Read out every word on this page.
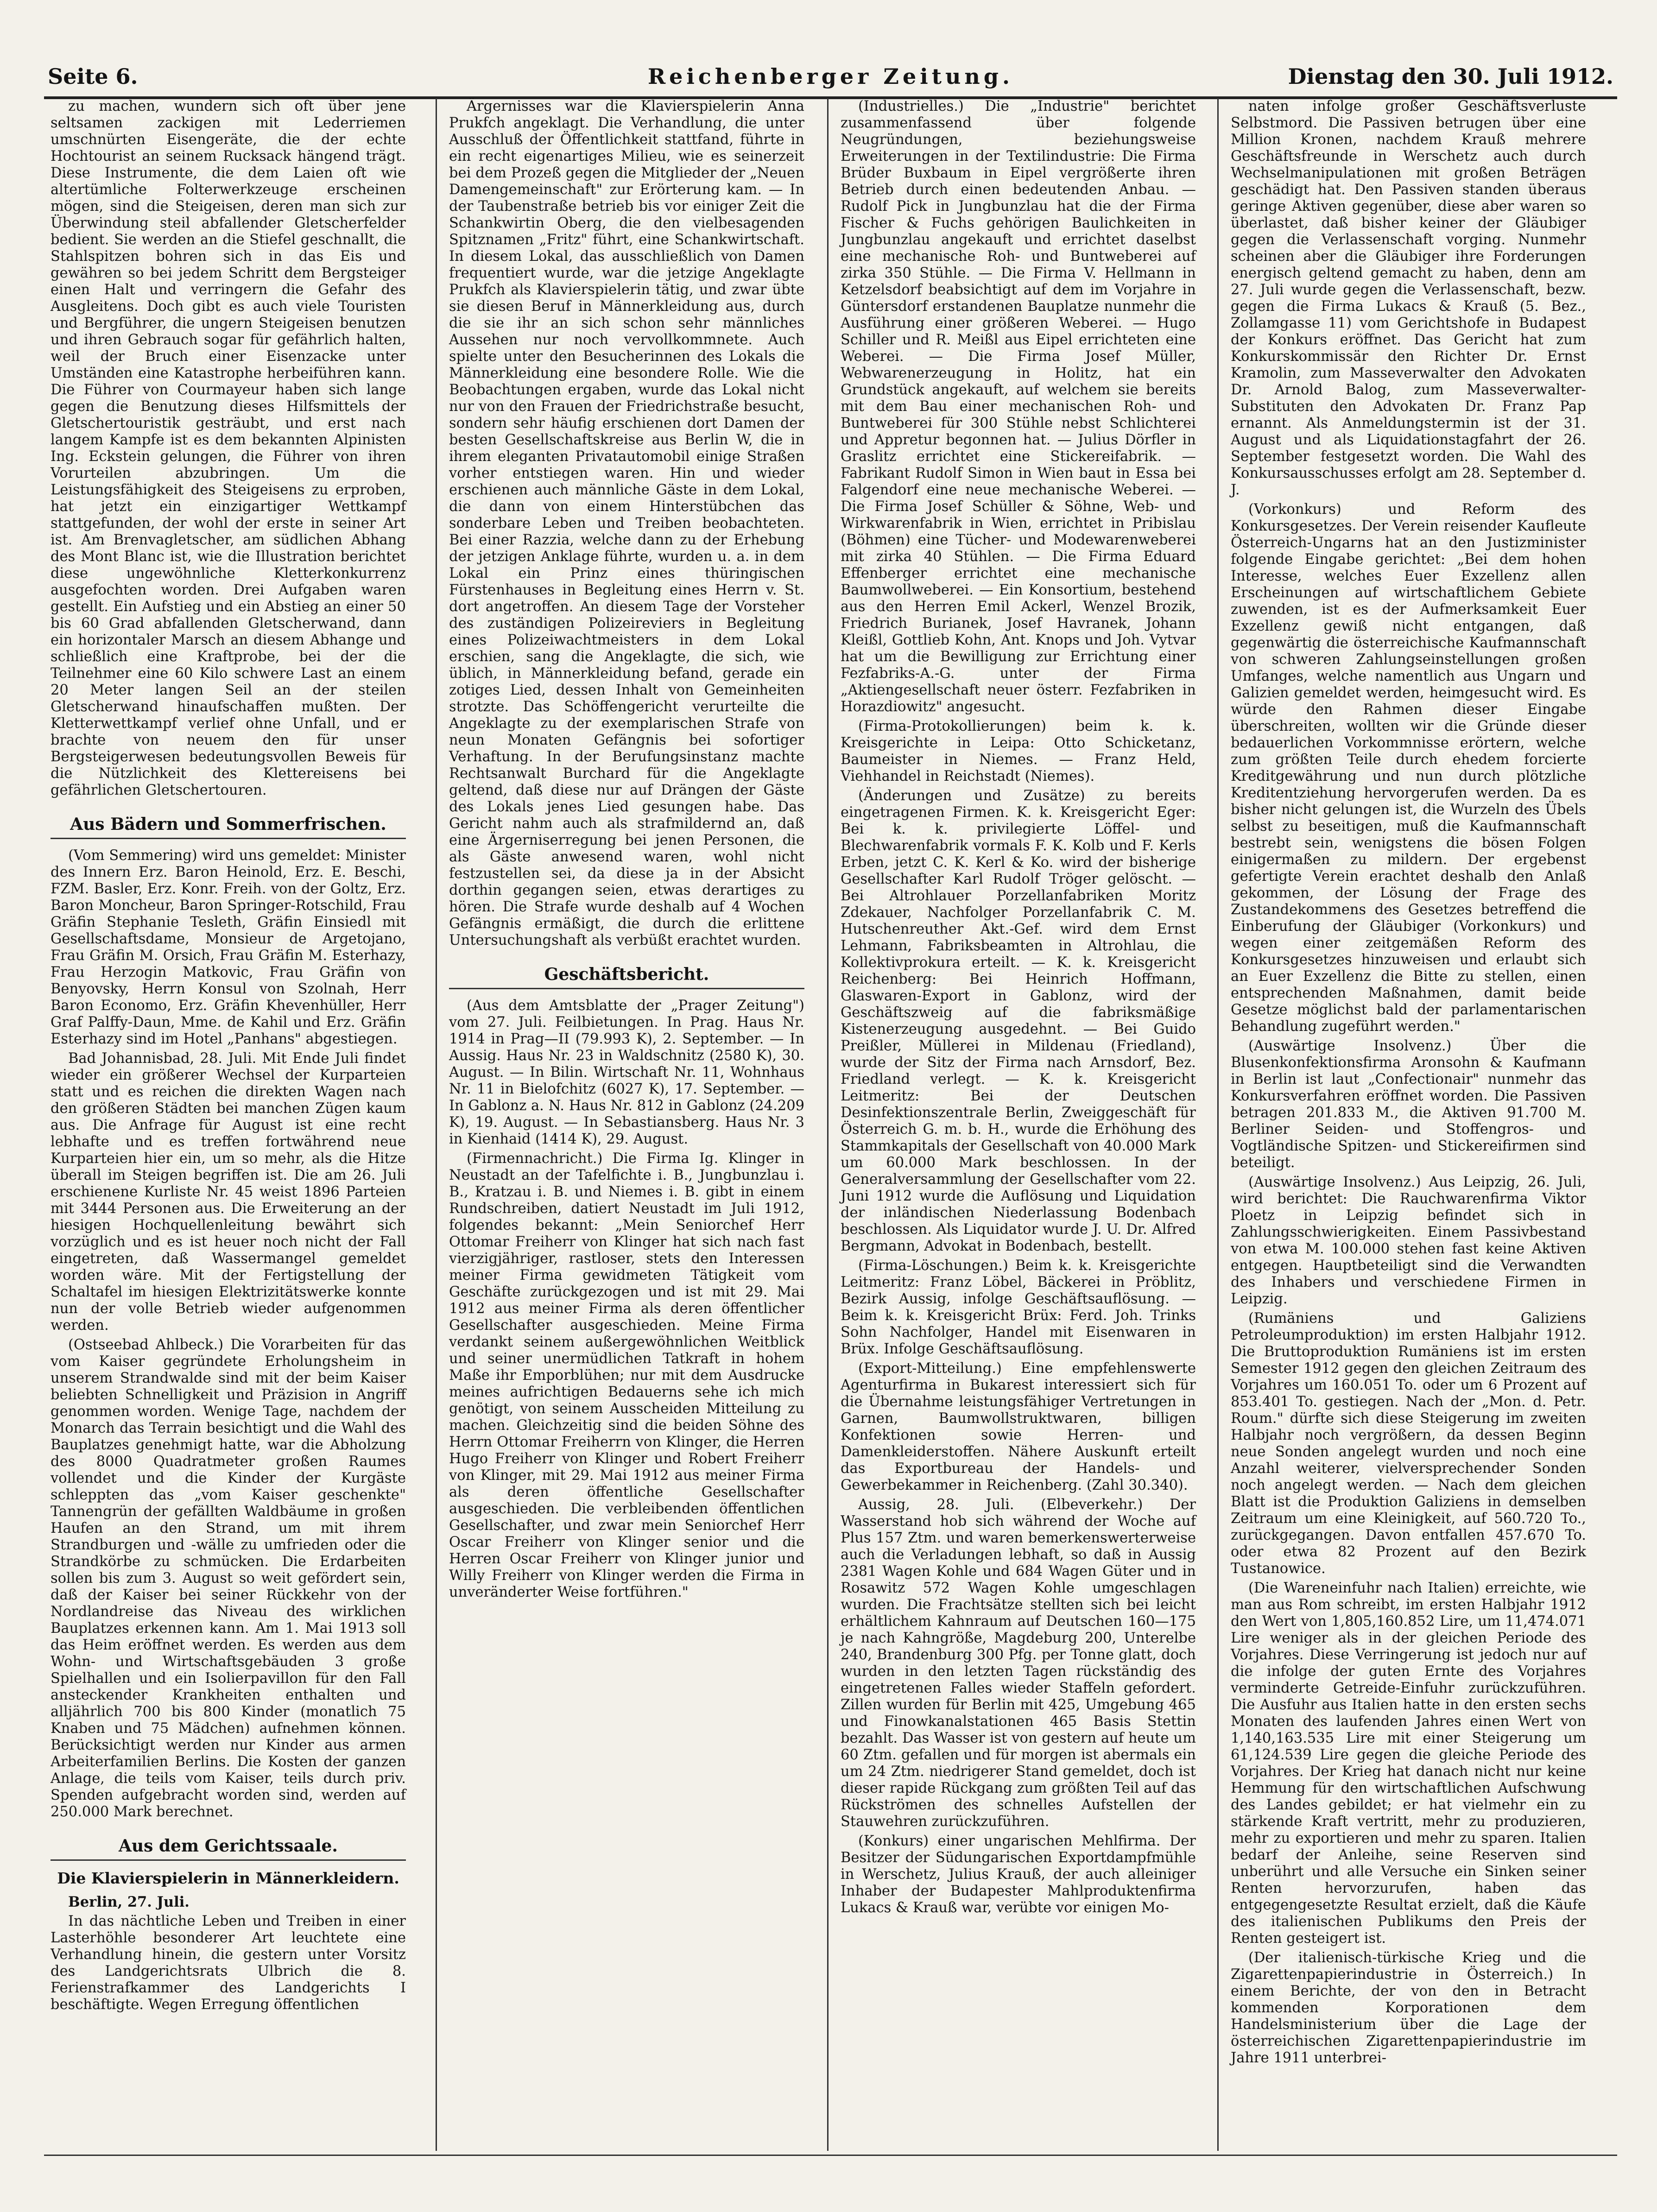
Seite 6.	Reichenberger Zeitung.	Dienstag den 30. Juli 1912.

zu machen, wundern sich oft über jene seltsamen zackigen mit Lederriemen umschnürten Eisengeräte, die der echte Hochtourist an seinem Rucksack hängend trägt. Diese Instrumente, die dem Laien oft wie altertümliche Folterwerkzeuge erscheinen mögen, sind die Steigeisen, deren man sich zur Überwindung steil abfallender Gletscherfelder bedient. Sie werden an die Stiefel geschnallt, die Stahlspitzen bohren sich in das Eis und gewähren so bei jedem Schritt dem Bergsteiger einen Halt und verringern die Gefahr des Ausgleitens. Doch gibt es auch viele Touristen und Bergführer, die ungern Steigeisen benutzen und ihren Gebrauch sogar für gefährlich halten, weil der Bruch einer Eisenzacke unter Umständen eine Katastrophe herbeiführen kann. Die Führer von Courmayeur haben sich lange gegen die Benutzung dieses Hilfsmittels der Gletschertouristik gesträubt, und erst nach langem Kampfe ist es dem bekannten Alpinisten Ing. Eckstein gelungen, die Führer von ihren Vorurteilen abzubringen. Um die Leistungsfähigkeit des Steigeisens zu erproben, hat jetzt ein einzigartiger Wettkampf stattgefunden, der wohl der erste in seiner Art ist. Am Brenvagletscher, am südlichen Abhang des Mont Blanc ist, wie die Illustration berichtet diese ungewöhnliche Kletterkonkurrenz ausgefochten worden. Drei Aufgaben waren gestellt. Ein Aufstieg und ein Abstieg an einer 50 bis 60 Grad abfallenden Gletscherwand, dann ein horizontaler Marsch an diesem Abhange und schließlich eine Kraftprobe, bei der die Teilnehmer eine 60 Kilo schwere Last an einem 20 Meter langen Seil an der steilen Gletscherwand hinaufschaffen mußten. Der Kletterwettkampf verlief ohne Unfall, und er brachte von neuem den für unser Bergsteigerwesen bedeutungsvollen Beweis für die Nützlichkeit des Klettereisens bei gefährlichen Gletschertouren.

Aus Bädern und Sommerfrischen.

(Vom Semmering) wird uns gemeldet: Minister des Innern Erz. Baron Heinold, Erz. E. Beschi, FZM. Basler, Erz. Konr. Freih. von der Goltz, Erz. Baron Moncheur, Baron Springer-Rotschild, Frau Gräfin Stephanie Tesleth, Gräfin Einsiedl mit Gesellschaftsdame, Monsieur de Argetojano, Frau Gräfin M. Orsich, Frau Gräfin M. Esterhazy, Frau Herzogin Matkovic, Frau Gräfin von Benyovsky, Herrn Konsul von Szolnah, Herr Baron Economo, Erz. Gräfin Khevenhüller, Herr Graf Palffy-Daun, Mme. de Kahil und Erz. Gräfin Esterhazy sind im Hotel „Panhans" abgestiegen.

Bad Johannisbad, 28. Juli. Mit Ende Juli findet wieder ein größerer Wechsel der Kurparteien statt und es reichen die direkten Wagen nach den größeren Städten bei manchen Zügen kaum aus. Die Anfrage für August ist eine recht lebhafte und es treffen fortwährend neue Kurparteien hier ein, um so mehr, als die Hitze überall im Steigen begriffen ist. Die am 26. Juli erschienene Kurliste Nr. 45 weist 1896 Parteien mit 3444 Personen aus. Die Erweiterung an der hiesigen Hochquellenleitung bewährt sich vorzüglich und es ist heuer noch nicht der Fall eingetreten, daß Wassermangel gemeldet worden wäre. Mit der Fertigstellung der Schaltafel im hiesigen Elektrizitätswerke konnte nun der volle Betrieb wieder aufgenommen werden.

(Ostseebad Ahlbeck.) Die Vorarbeiten für das vom Kaiser gegründete Erholungsheim in unserem Strandwalde sind mit der beim Kaiser beliebten Schnelligkeit und Präzision in Angriff genommen worden. Wenige Tage, nachdem der Monarch das Terrain besichtigt und die Wahl des Bauplatzes genehmigt hatte, war die Abholzung des 8000 Quadratmeter großen Raumes vollendet und die Kinder der Kurgäste schleppten das „vom Kaiser geschenkte" Tannengrün der gefällten Waldbäume in großen Haufen an den Strand, um mit ihrem Strandburgen und -wälle zu umfrieden oder die Strandkörbe zu schmücken. Die Erdarbeiten sollen bis zum 3. August so weit gefördert sein, daß der Kaiser bei seiner Rückkehr von der Nordlandreise das Niveau des wirklichen Bauplatzes erkennen kann. Am 1. Mai 1913 soll das Heim eröffnet werden. Es werden aus dem Wohn- und Wirtschaftsgebäuden 3 große Spielhallen und ein Isolierpavillon für den Fall ansteckender Krankheiten enthalten und alljährlich 700 bis 800 Kinder (monatlich 75 Knaben und 75 Mädchen) aufnehmen können. Berücksichtigt werden nur Kinder aus armen Arbeiterfamilien Berlins. Die Kosten der ganzen Anlage, die teils vom Kaiser, teils durch priv. Spenden aufgebracht worden sind, werden auf 250.000 Mark berechnet.

Aus dem Gerichtssaale.
Die Klavierspielerin in Männerkleidern.

Berlin, 27. Juli.

In das nächtliche Leben und Treiben in einer Lasterhöhle besonderer Art leuchtete eine Verhandlung hinein, die gestern unter Vorsitz des Landgerichtsrats Ulbrich die 8. Ferienstrafkammer des Landgerichts I beschäftigte. Wegen Erregung öffentlichen

Ärgernisses war die Klavierspielerin Anna Prukfch angeklagt. Die Verhandlung, die unter Ausschluß der Öffentlichkeit stattfand, führte in ein recht eigenartiges Milieu, wie es seinerzeit bei dem Prozeß gegen die Mitglieder der „Neuen Damengemeinschaft" zur Erörterung kam. — In der Taubenstraße betrieb bis vor einiger Zeit die Schankwirtin Oberg, die den vielbesagenden Spitznamen „Fritz" führt, eine Schankwirtschaft. In diesem Lokal, das ausschließlich von Damen frequentiert wurde, war die jetzige Angeklagte Prukfch als Klavierspielerin tätig, und zwar übte sie diesen Beruf in Männerkleidung aus, durch die sie ihr an sich schon sehr männliches Aussehen nur noch vervollkommnete. Auch spielte unter den Besucherinnen des Lokals die Männerkleidung eine besondere Rolle. Wie die Beobachtungen ergaben, wurde das Lokal nicht nur von den Frauen der Friedrichstraße besucht, sondern sehr häufig erschienen dort Damen der besten Gesellschaftskreise aus Berlin W, die in ihrem eleganten Privatautomobil einige Straßen vorher entstiegen waren. Hin und wieder erschienen auch männliche Gäste in dem Lokal, die dann von einem Hinterstübchen das sonderbare Leben und Treiben beobachteten. Bei einer Razzia, welche dann zu der Erhebung der jetzigen Anklage führte, wurden u. a. in dem Lokal ein Prinz eines thüringischen Fürstenhauses in Begleitung eines Herrn v. St. dort angetroffen. An diesem Tage der Vorsteher des zuständigen Polizeireviers in Begleitung eines Polizeiwachtmeisters in dem Lokal erschien, sang die Angeklagte, die sich, wie üblich, in Männerkleidung befand, gerade ein zotiges Lied, dessen Inhalt von Gemeinheiten strotzte. Das Schöffengericht verurteilte die Angeklagte zu der exemplarischen Strafe von neun Monaten Gefängnis bei sofortiger Verhaftung. In der Berufungsinstanz machte Rechtsanwalt Burchard für die Angeklagte geltend, daß diese nur auf Drängen der Gäste des Lokals jenes Lied gesungen habe. Das Gericht nahm auch als strafmildernd an, daß eine Ärgerniserregung bei jenen Personen, die als Gäste anwesend waren, wohl nicht festzustellen sei, da diese ja in der Absicht dorthin gegangen seien, etwas derartiges zu hören. Die Strafe wurde deshalb auf 4 Wochen Gefängnis ermäßigt, die durch die erlittene Untersuchungshaft als verbüßt erachtet wurden.

Geschäftsbericht.

(Aus dem Amtsblatte der „Prager Zeitung") vom 27. Juli. Feilbietungen. In Prag. Haus Nr. 1914 in Prag—II (79.993 K), 2. September. — In Aussig. Haus Nr. 23 in Waldschnitz (2580 K), 30. August. — In Bilin. Wirtschaft Nr. 11, Wohnhaus Nr. 11 in Bielofchitz (6027 K), 17. September. — In Gablonz a. N. Haus Nr. 812 in Gablonz (24.209 K), 19. August. — In Sebastiansberg. Haus Nr. 3 in Kienhaid (1414 K), 29. August.

(Firmennachricht.) Die Firma Ig. Klinger in Neustadt an der Tafelfichte i. B., Jungbunzlau i. B., Kratzau i. B. und Niemes i. B. gibt in einem Rundschreiben, datiert Neustadt im Juli 1912, folgendes bekannt: „Mein Seniorchef Herr Ottomar Freiherr von Klinger hat sich nach fast vierzigjähriger, rastloser, stets den Interessen meiner Firma gewidmeten Tätigkeit vom Geschäfte zurückgezogen und ist mit 29. Mai 1912 aus meiner Firma als deren öffentlicher Gesellschafter ausgeschieden. Meine Firma verdankt seinem außergewöhnlichen Weitblick und seiner unermüdlichen Tatkraft in hohem Maße ihr Emporblühen; nur mit dem Ausdrucke meines aufrichtigen Bedauerns sehe ich mich genötigt, von seinem Ausscheiden Mitteilung zu machen. Gleichzeitig sind die beiden Söhne des Herrn Ottomar Freiherrn von Klinger, die Herren Hugo Freiherr von Klinger und Robert Freiherr von Klinger, mit 29. Mai 1912 aus meiner Firma als deren öffentliche Gesellschafter ausgeschieden. Die verbleibenden öffentlichen Gesellschafter, und zwar mein Seniorchef Herr Oscar Freiherr von Klinger senior und die Herren Oscar Freiherr von Klinger junior und Willy Freiherr von Klinger werden die Firma in unveränderter Weise fortführen."

(Industrielles.) Die „Industrie" berichtet zusammenfassend über folgende Neugründungen, beziehungsweise Erweiterungen in der Textilindustrie: Die Firma Brüder Buxbaum in Eipel vergrößerte ihren Betrieb durch einen bedeutenden Anbau. — Rudolf Pick in Jungbunzlau hat die der Firma Fischer & Fuchs gehörigen Baulichkeiten in Jungbunzlau angekauft und errichtet daselbst eine mechanische Roh- und Buntweberei auf zirka 350 Stühle. — Die Firma V. Hellmann in Ketzelsdorf beabsichtigt auf dem im Vorjahre in Güntersdorf erstandenen Bauplatze nunmehr die Ausführung einer größeren Weberei. — Hugo Schiller und R. Meißl aus Eipel errichteten eine Weberei. — Die Firma Josef Müller, Webwarenerzeugung in Holitz, hat ein Grundstück angekauft, auf welchem sie bereits mit dem Bau einer mechanischen Roh- und Buntweberei für 300 Stühle nebst Schlichterei und Appretur begonnen hat. — Julius Dörfler in Graslitz errichtet eine Stickereifabrik. — Fabrikant Rudolf Simon in Wien baut in Essa bei Falgendorf eine neue mechanische Weberei. — Die Firma Josef Schüller & Söhne, Web- und Wirkwarenfabrik in Wien, errichtet in Pribislau (Böhmen) eine Tücher- und Modewarenweberei mit zirka 40 Stühlen. — Die Firma Eduard Effenberger errichtet eine mechanische Baumwollweberei. — Ein Konsortium, bestehend aus den Herren Emil Ackerl, Wenzel Brozik, Friedrich Burianek, Josef Havranek, Johann Kleißl, Gottlieb Kohn, Ant. Knops und Joh. Vytvar hat um die Bewilligung zur Errichtung einer Fezfabriks-A.-G. unter der Firma „Aktiengesellschaft neuer österr. Fezfabriken in Horazdiowitz" angesucht.

(Firma-Protokollierungen) beim k. k. Kreisgerichte in Leipa: Otto Schicketanz, Baumeister in Niemes. — Franz Held, Viehhandel in Reichstadt (Niemes).

(Änderungen und Zusätze) zu bereits eingetragenen Firmen. K. k. Kreisgericht Eger: Bei k. k. privilegierte Löffel- und Blechwarenfabrik vormals F. K. Kolb und F. Kerls Erben, jetzt C. K. Kerl & Ko. wird der bisherige Gesellschafter Karl Rudolf Tröger gelöscht. — Bei Altrohlauer Porzellanfabriken Moritz Zdekauer, Nachfolger Porzellanfabrik C. M. Hutschenreuther Akt.-Gef. wird dem Ernst Lehmann, Fabriksbeamten in Altrohlau, die Kollektivprokura erteilt. — K. k. Kreisgericht Reichenberg: Bei Heinrich Hoffmann, Glaswaren-Export in Gablonz, wird der Geschäftszweig auf die fabriksmäßige Kistenerzeugung ausgedehnt. — Bei Guido Preißler, Müllerei in Mildenau (Friedland), wurde der Sitz der Firma nach Arnsdorf, Bez. Friedland verlegt. — K. k. Kreisgericht Leitmeritz: Bei der Deutschen Desinfektionszentrale Berlin, Zweiggeschäft für Österreich G. m. b. H., wurde die Erhöhung des Stammkapitals der Gesellschaft von 40.000 Mark um 60.000 Mark beschlossen. In der Generalversammlung der Gesellschafter vom 22. Juni 1912 wurde die Auflösung und Liquidation der inländischen Niederlassung Bodenbach beschlossen. Als Liquidator wurde J. U. Dr. Alfred Bergmann, Advokat in Bodenbach, bestellt.

(Firma-Löschungen.) Beim k. k. Kreisgerichte Leitmeritz: Franz Löbel, Bäckerei in Pröblitz, Bezirk Aussig, infolge Geschäftsauflösung. — Beim k. k. Kreisgericht Brüx: Ferd. Joh. Trinks Sohn Nachfolger, Handel mit Eisenwaren in Brüx. Infolge Geschäftsauflösung.

(Export-Mitteilung.) Eine empfehlenswerte Agenturfirma in Bukarest interessiert sich für die Übernahme leistungsfähiger Vertretungen in Garnen, Baumwollstruktwaren, billigen Konfektionen sowie Herren- und Damenkleiderstoffen. Nähere Auskunft erteilt das Exportbureau der Handels- und Gewerbekammer in Reichenberg. (Zahl 30.340).

Aussig, 28. Juli. (Elbeverkehr.) Der Wasserstand hob sich während der Woche auf Plus 157 Ztm. und waren bemerkenswerterweise auch die Verladungen lebhaft, so daß in Aussig 2381 Wagen Kohle und 684 Wagen Güter und in Rosawitz 572 Wagen Kohle umgeschlagen wurden. Die Frachtsätze stellten sich bei leicht erhältlichem Kahnraum auf Deutschen 160—175 je nach Kahngröße, Magdeburg 200, Unterelbe 240, Brandenburg 300 Pfg. per Tonne glatt, doch wurden in den letzten Tagen rückständig des eingetretenen Falles wieder Staffeln gefordert. Zillen wurden für Berlin mit 425, Umgebung 465 und Finowkanalstationen 465 Basis Stettin bezahlt. Das Wasser ist von gestern auf heute um 60 Ztm. gefallen und für morgen ist abermals ein um 24 Ztm. niedrigerer Stand gemeldet, doch ist dieser rapide Rückgang zum größten Teil auf das Rückströmen des schnelles Aufstellen der Stauwehren zurückzuführen.

(Konkurs) einer ungarischen Mehlfirma. Der Besitzer der Südungarischen Exportdampfmühle in Werschetz, Julius Krauß, der auch alleiniger Inhaber der Budapester Mahlproduktenfirma Lukacs & Krauß war, verübte vor einigen Mo-

naten infolge großer Geschäftsverluste Selbstmord. Die Passiven betrugen über eine Million Kronen, nachdem Krauß mehrere Geschäftsfreunde in Werschetz auch durch Wechselmanipulationen mit großen Beträgen geschädigt hat. Den Passiven standen überaus geringe Aktiven gegenüber, diese aber waren so überlastet, daß bisher keiner der Gläubiger gegen die Verlassenschaft vorging. Nunmehr scheinen aber die Gläubiger ihre Forderungen energisch geltend gemacht zu haben, denn am 27. Juli wurde gegen die Verlassenschaft, bezw. gegen die Firma Lukacs & Krauß (5. Bez., Zollamgasse 11) vom Gerichtshofe in Budapest der Konkurs eröffnet. Das Gericht hat zum Konkurskommissär den Richter Dr. Ernst Kramolin, zum Masseverwalter den Advokaten Dr. Arnold Balog, zum Masseverwalter-Substituten den Advokaten Dr. Franz Pap ernannt. Als Anmeldungstermin ist der 31. August und als Liquidationstagfahrt der 26. September festgesetzt worden. Die Wahl des Konkursausschusses erfolgt am 28. September d. J.

(Vorkonkurs) und Reform des Konkursgesetzes. Der Verein reisender Kaufleute Österreich-Ungarns hat an den Justizminister folgende Eingabe gerichtet: „Bei dem hohen Interesse, welches Euer Exzellenz allen Erscheinungen auf wirtschaftlichem Gebiete zuwenden, ist es der Aufmerksamkeit Euer Exzellenz gewiß nicht entgangen, daß gegenwärtig die österreichische Kaufmannschaft von schweren Zahlungseinstellungen großen Umfanges, welche namentlich aus Ungarn und Galizien gemeldet werden, heimgesucht wird. Es würde den Rahmen dieser Eingabe überschreiten, wollten wir die Gründe dieser bedauerlichen Vorkommnisse erörtern, welche zum größten Teile durch ehedem forcierte Kreditgewährung und nun durch plötzliche Kreditentziehung hervorgerufen werden. Da es bisher nicht gelungen ist, die Wurzeln des Übels selbst zu beseitigen, muß die Kaufmannschaft bestrebt sein, wenigstens die bösen Folgen einigermaßen zu mildern. Der ergebenst gefertigte Verein erachtet deshalb den Anlaß gekommen, der Lösung der Frage des Zustandekommens des Gesetzes betreffend die Einberufung der Gläubiger (Vorkonkurs) und wegen einer zeitgemäßen Reform des Konkursgesetzes hinzuweisen und erlaubt sich an Euer Exzellenz die Bitte zu stellen, einen entsprechenden Maßnahmen, damit beide Gesetze möglichst bald der parlamentarischen Behandlung zugeführt werden."

(Auswärtige Insolvenz.) Über die Blusenkonfektionsfirma Aronsohn & Kaufmann in Berlin ist laut „Confectionair" nunmehr das Konkursverfahren eröffnet worden. Die Passiven betragen 201.833 M., die Aktiven 91.700 M. Berliner Seiden- und Stoffengros- und Vogtländische Spitzen- und Stickereifirmen sind beteiligt.

(Auswärtige Insolvenz.) Aus Leipzig, 26. Juli, wird berichtet: Die Rauchwarenfirma Viktor Ploetz in Leipzig befindet sich in Zahlungsschwierigkeiten. Einem Passivbestand von etwa M. 100.000 stehen fast keine Aktiven entgegen. Hauptbeteiligt sind die Verwandten des Inhabers und verschiedene Firmen in Leipzig.

(Rumäniens und Galiziens Petroleumproduktion) im ersten Halbjahr 1912. Die Bruttoproduktion Rumäniens ist im ersten Semester 1912 gegen den gleichen Zeitraum des Vorjahres um 160.051 To. oder um 6 Prozent auf 853.401 To. gestiegen. Nach der „Mon. d. Petr. Roum." dürfte sich diese Steigerung im zweiten Halbjahr noch vergrößern, da dessen Beginn neue Sonden angelegt wurden und noch eine Anzahl weiterer, vielversprechender Sonden noch angelegt werden. — Nach dem gleichen Blatt ist die Produktion Galiziens in demselben Zeitraum um eine Kleinigkeit, auf 560.720 To., zurückgegangen. Davon entfallen 457.670 To. oder etwa 82 Prozent auf den Bezirk Tustanowice.

(Die Wareneinfuhr nach Italien) erreichte, wie man aus Rom schreibt, im ersten Halbjahr 1912 den Wert von 1,805,160.852 Lire, um 11,474.071 Lire weniger als in der gleichen Periode des Vorjahres. Diese Verringerung ist jedoch nur auf die infolge der guten Ernte des Vorjahres verminderte Getreide-Einfuhr zurückzuführen. Die Ausfuhr aus Italien hatte in den ersten sechs Monaten des laufenden Jahres einen Wert von 1,140,163.535 Lire mit einer Steigerung um 61,124.539 Lire gegen die gleiche Periode des Vorjahres. Der Krieg hat danach nicht nur keine Hemmung für den wirtschaftlichen Aufschwung des Landes gebildet; er hat vielmehr ein zu stärkende Kraft vertritt, mehr zu produzieren, mehr zu exportieren und mehr zu sparen. Italien bedarf der Anleihe, seine Reserven sind unberührt und alle Versuche ein Sinken seiner Renten hervorzurufen, haben das entgegengesetzte Resultat erzielt, daß die Käufe des italienischen Publikums den Preis der Renten gesteigert ist.

(Der italienisch-türkische Krieg und die Zigarettenpapierindustrie in Österreich.) In einem Berichte, der von den in Betracht kommenden Korporationen dem Handelsministerium über die Lage der österreichischen Zigarettenpapierindustrie im Jahre 1911 unterbrei-
